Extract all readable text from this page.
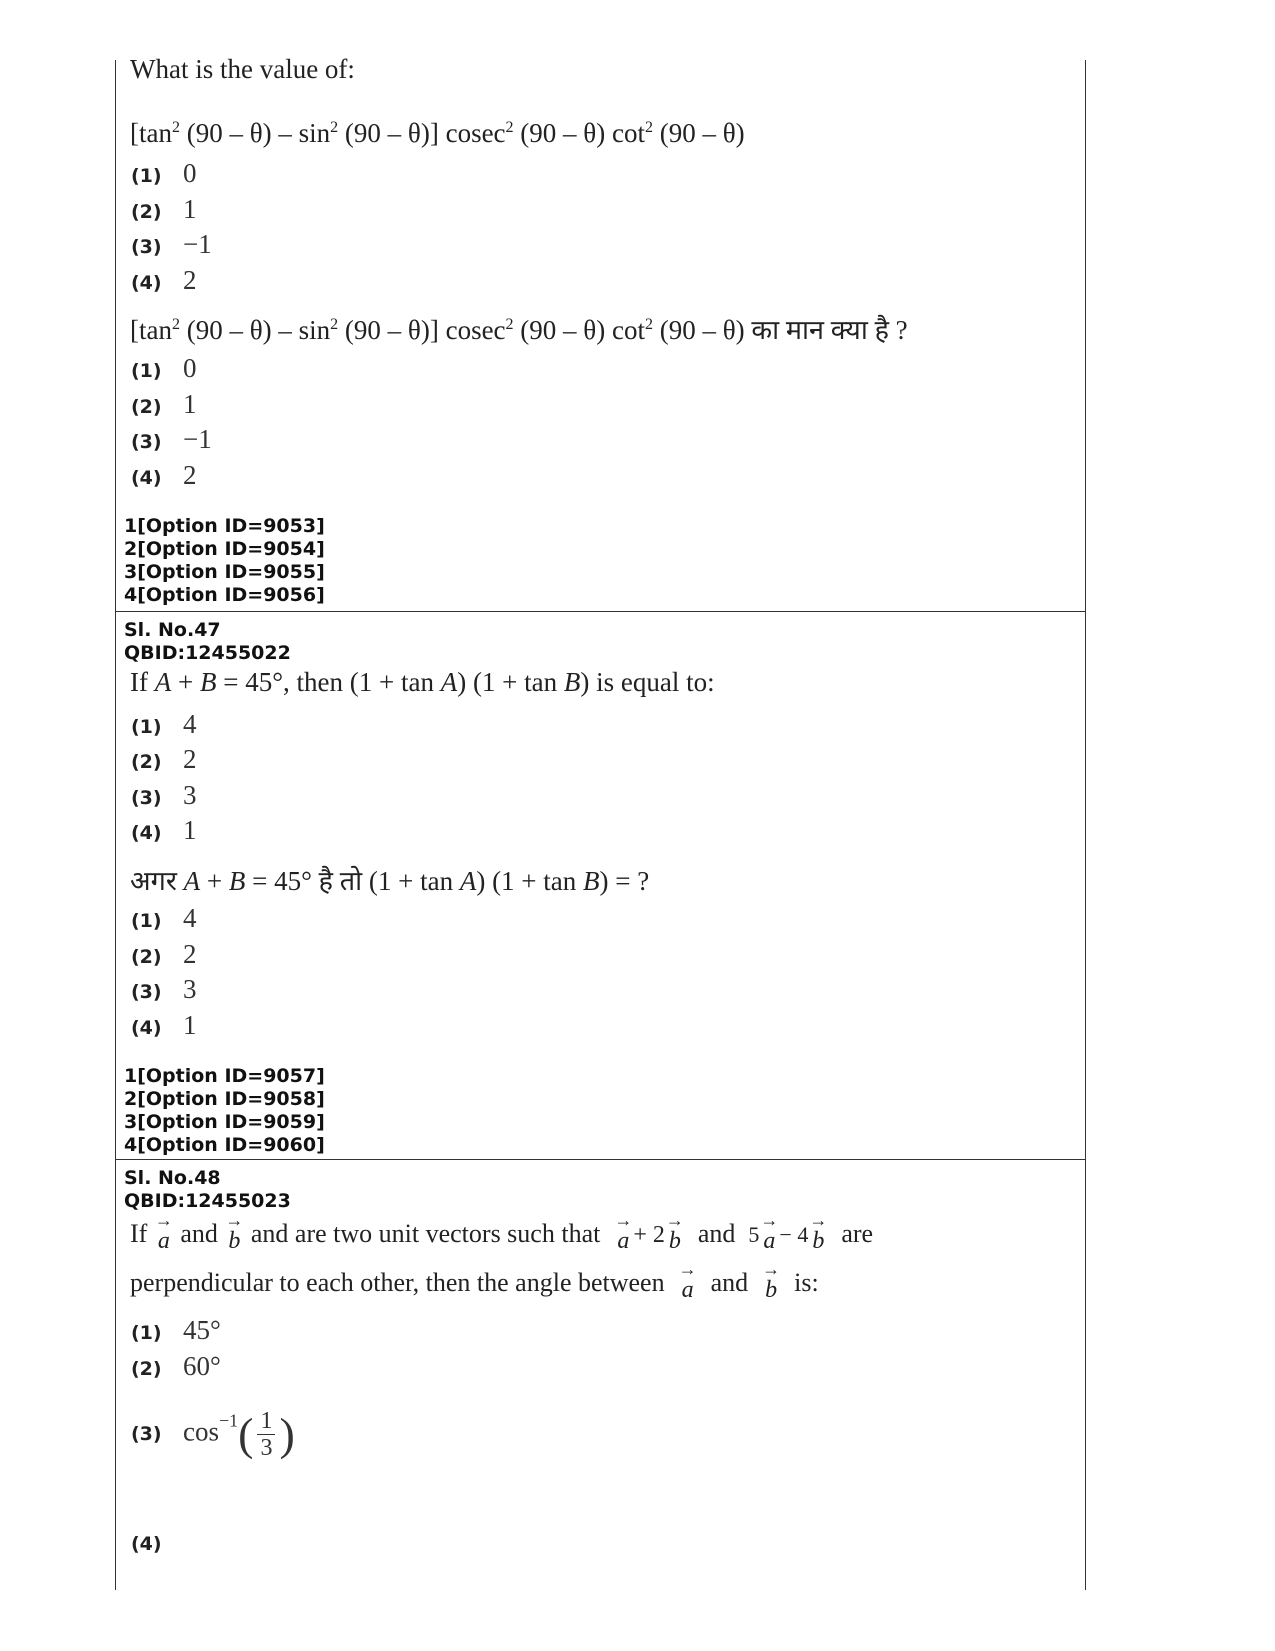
What is the value of:
[$\tan^2$ $(90 - \theta) - \sin^2 (90 - \theta)$] cosec$^2$ (90 – θ) $\cot^2 (90 - \theta)$
(1) 0
(2) 1
(3) −1
(4) 2
[$\tan^2$ $(90 - \theta) - \sin^2 (90 - \theta)$] cosec$^2$ (90 – θ) $\cot^2 (90 - \theta)$ का मान क्या है ?
(1) 0
(2) 1
(3) −1
(4) 2
1[Option ID=9053]
2[Option ID=9054]
3[Option ID=9055]
4[Option ID=9056]
Sl. No.47
QBID:12455022
If A + B = 45°, then (1 + tan A) (1 + tan B) is equal to:
(1) 4
(2) 2
(3) 3
(4) 1
अगर A + B = 45° है तो (1 + tan A) (1 + tan B) = ?
(1) 4
(2) 2
(3) 3
(4) 1
1[Option ID=9057]
2[Option ID=9058]
3[Option ID=9059]
4[Option ID=9060]
Sl. No.48
QBID:12455023
If → a and → b and are two unit vectors such that → a + 2 → b and 5 → a − 4 → b are
perpendicular to each other, then the angle between → a and → b is:
(1) 45°
(2) 60°
(3) $\cos^{-1}( \frac{1}{3}$ )
(4)
